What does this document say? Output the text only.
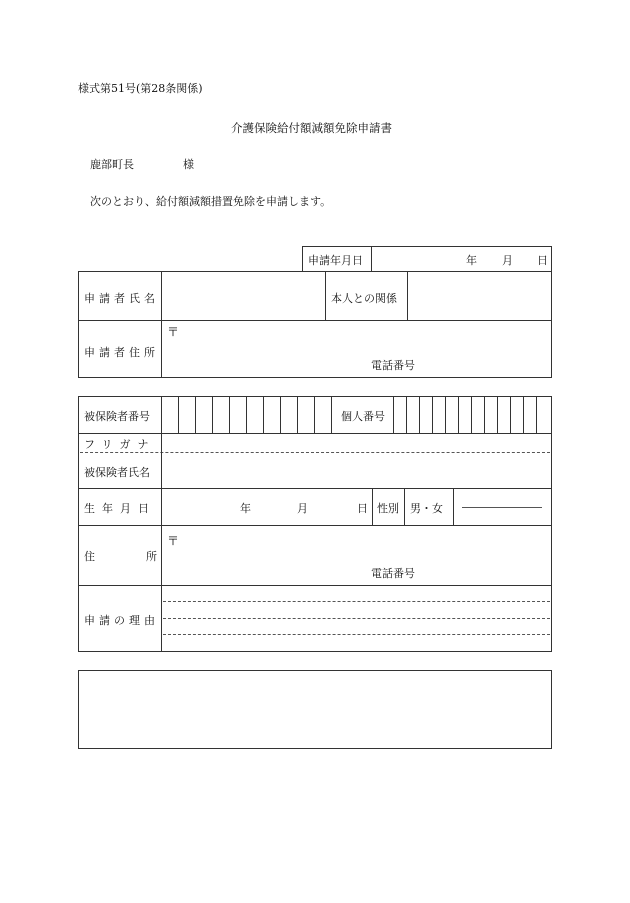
様式第51号(第28条関係)
介護保険給付額減額免除申請書
鹿部町長	様
次のとおり、給付額減額措置免除を申請します。
申請年月日	年 月 日
申請者氏名	本人との関係
申請者住所
〒
電話番号
被保険者番号	個人番号
フリガナ
被保険者氏名
生年月日	年	月	日 性別 男・女
住	所
〒
電話番号
申請の理由
